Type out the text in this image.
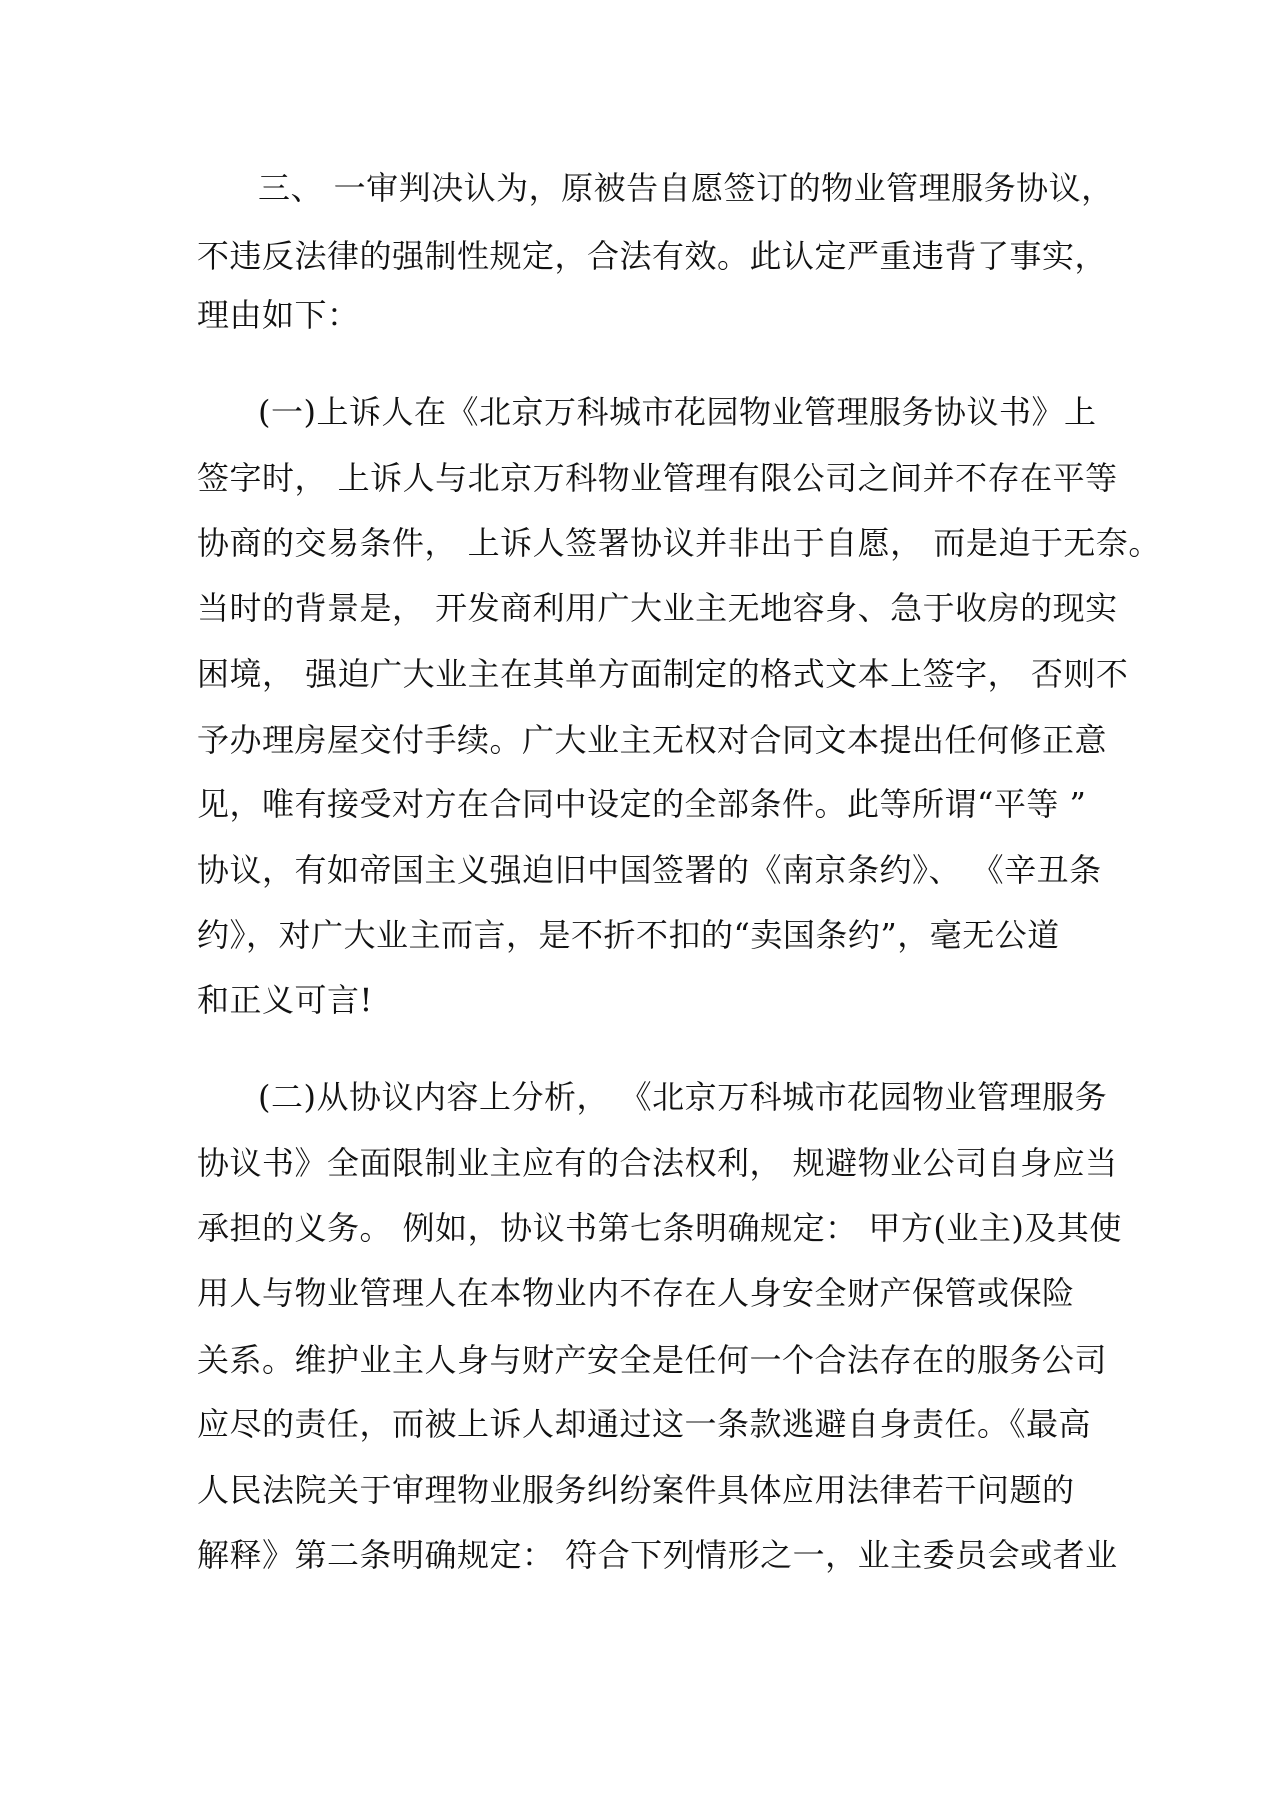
三、 一审判决认为，原被告自愿签订的物业管理服务协议，
不违反法律的强制性规定，合法有效。此认定严重违背了事实，
理由如下：
(一)上诉人在《北京万科城市花园物业管理服务协议书》上
签字时， 上诉人与北京万科物业管理有限公司之间并不存在平等
协商的交易条件， 上诉人签署协议并非出于自愿， 而是迫于无奈。
当时的背景是， 开发商利用广大业主无地容身、急于收房的现实
困境， 强迫广大业主在其单方面制定的格式文本上签字， 否则不
予办理房屋交付手续。广大业主无权对合同文本提出任何修正意
见，唯有接受对方在合同中设定的全部条件。此等所谓“平等 ”
协议，有如帝国主义强迫旧中国签署的《南京条约》、 《辛丑条
约》，对广大业主而言，是不折不扣的“卖国条约”，毫无公道
和正义可言!
(二)从协议内容上分析， 《北京万科城市花园物业管理服务
协议书》全面限制业主应有的合法权利， 规避物业公司自身应当
承担的义务。 例如，协议书第七条明确规定： 甲方(业主)及其使
用人与物业管理人在本物业内不存在人身安全财产保管或保险
关系。维护业主人身与财产安全是任何一个合法存在的服务公司
应尽的责任，而被上诉人却通过这一条款逃避自身责任。《最高
人民法院关于审理物业服务纠纷案件具体应用法律若干问题的
解释》第二条明确规定： 符合下列情形之一，业主委员会或者业
